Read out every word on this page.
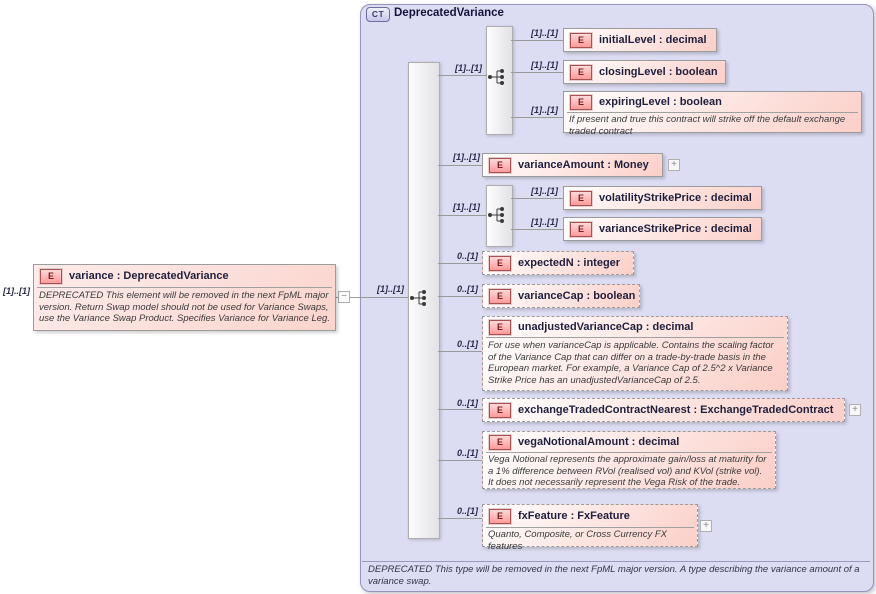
CT DeprecatedVariance
DEPRECATED This type will be removed in the next FpML major version. A type describing the variance amount of a variance swap.
[1]..[1]	−
[1]..[1]
E	variance : DeprecatedVariance
DEPRECATED This element will be removed in the next FpML major version. Return Swap model should not be used for Variance Swaps, use the Variance Swap Product. Specifies Variance for Variance Leg.
[1]..[1]
[1]..[1]
[1]..[1]
0..[1]
0..[1]
0..[1]
0..[1]
0..[1]
0..[1]
[1]..[1]
[1]..[1]
[1]..[1]
E	initialLevel : decimal
E	closingLevel : boolean
E	expiringLevel : boolean
If present and true this contract will strike off the default exchange traded contract
E	varianceAmount : Money	+
[1]..[1]
[1]..[1]
E	volatilityStrikePrice : decimal
E	varianceStrikePrice : decimal
E	expectedN : integer
E	varianceCap : boolean
E	unadjustedVarianceCap : decimal
For use when varianceCap is applicable. Contains the scaling factor of the Variance Cap that can differ on a trade-by-trade basis in the European market. For example, a Variance Cap of 2.5^2 x Variance Strike Price has an unadjustedVarianceCap of 2.5.
E	exchangeTradedContractNearest : ExchangeTradedContract	+
E	vegaNotionalAmount : decimal
Vega Notional represents the approximate gain/loss at maturity for a 1% difference between RVol (realised vol) and KVol (strike vol). It does not necessarily represent the Vega Risk of the trade.
E	fxFeature : FxFeature
Quanto, Composite, or Cross Currency FX features
+
